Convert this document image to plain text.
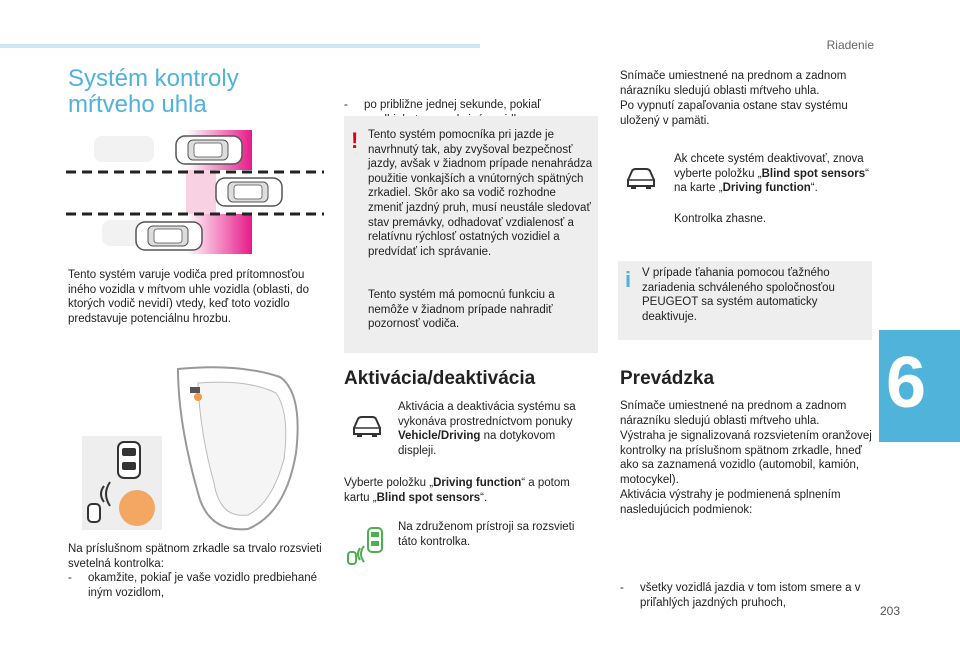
Riadenie
Systém kontroly mŕtveho uhla
Tento systém varuje vodiča pred prítomnosťou iného vozidla v mŕtvom uhle vozidla (oblasti, do ktorých vodič nevidí) vtedy, keď toto vozidlo predstavuje potenciálnu hrozbu.
Na príslušnom spätnom zrkadle sa trvalo rozsvieti svetelná kontrolka:
- okamžite, pokiaľ je vaše vozidlo predbiehané iným vozidlom,
- po približne jednej sekunde, pokiaľ
! Tento systém pomocníka pri jazde je navrhnutý tak, aby zvyšoval bezpečnosť jazdy, avšak v žiadnom prípade nenahrádza použitie vonkajších a vnútorných spätných zrkadiel. Skôr ako sa vodič rozhodne zmeniť jazdný pruh, musí neustále sledovať stav premávky, odhadovať vzdialenosť a relatívnu rýchlosť ostatných vozidiel a predvídať ich správanie.
Tento systém má pomocnú funkciu a nemôže v žiadnom prípade nahradiť pozornosť vodiča.
Aktivácia/deaktivácia
Aktivácia a deaktivácia systému sa vykonáva prostredníctvom ponuky Vehicle/Driving na dotykovom displeji.
Vyberte položku „Driving function“ a potom kartu „Blind spot sensors“.
Na združenom prístroji sa rozsvieti táto kontrolka.
Snímače umiestnené na prednom a zadnom nárazníku sledujú oblasti mŕtveho uhla.
Po vypnutí zapaľovania ostane stav systému uložený v pamäti.
Ak chcete systém deaktivovať, znova vyberte položku „Blind spot sensors“ na karte „Driving function“.
Kontrolka zhasne.
i V prípade ťahania pomocou ťažného zariadenia schváleného spoločnosťou PEUGEOT sa systém automaticky deaktivuje.
Prevádzka
Snímače umiestnené na prednom a zadnom nárazníku sledujú oblasti mŕtveho uhla.
Výstraha je signalizovaná rozsvietením oranžovej kontrolky na príslušnom spätnom zrkadle, hneď ako sa zaznamená vozidlo (automobil, kamión, motocykel).
Aktivácia výstrahy je podmienená splnením nasledujúcich podmienok:
- všetky vozidlá jazdia v tom istom smere a v priľahlých jazdných pruhoch,
6
203
